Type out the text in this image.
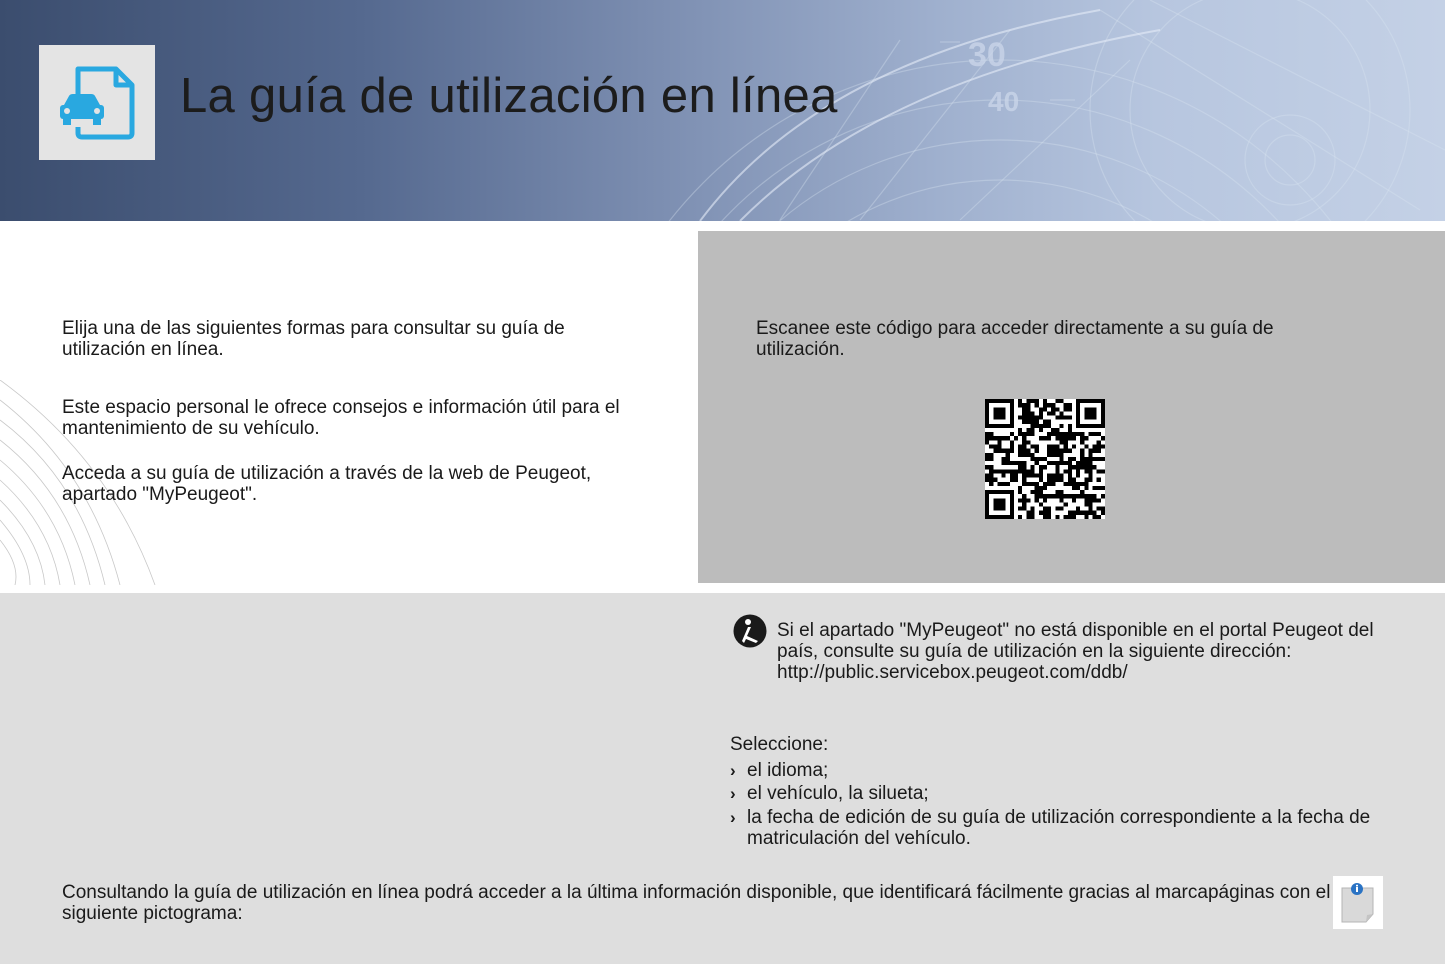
30
40
La guía de utilización en línea
Elija una de las siguientes formas para consultar su guía de utilización en línea.
Este espacio personal le ofrece consejos e información útil para el mantenimiento de su vehículo.
Acceda a su guía de utilización a través de la web de Peugeot, apartado "MyPeugeot".
Escanee este código para acceder directamente a su guía de utilización.
Si el apartado "MyPeugeot" no está disponible en el portal Peugeot del país, consulte su guía de utilización en la siguiente dirección: http://public.servicebox.peugeot.com/ddb/
Seleccione:
› el idioma;
› el vehículo, la silueta;
› la fecha de edición de su guía de utilización correspondiente a la fecha de matriculación del vehículo.
Consultando la guía de utilización en línea podrá acceder a la última información disponible, que identificará fácilmente gracias al marcapáginas con el siguiente pictograma:
